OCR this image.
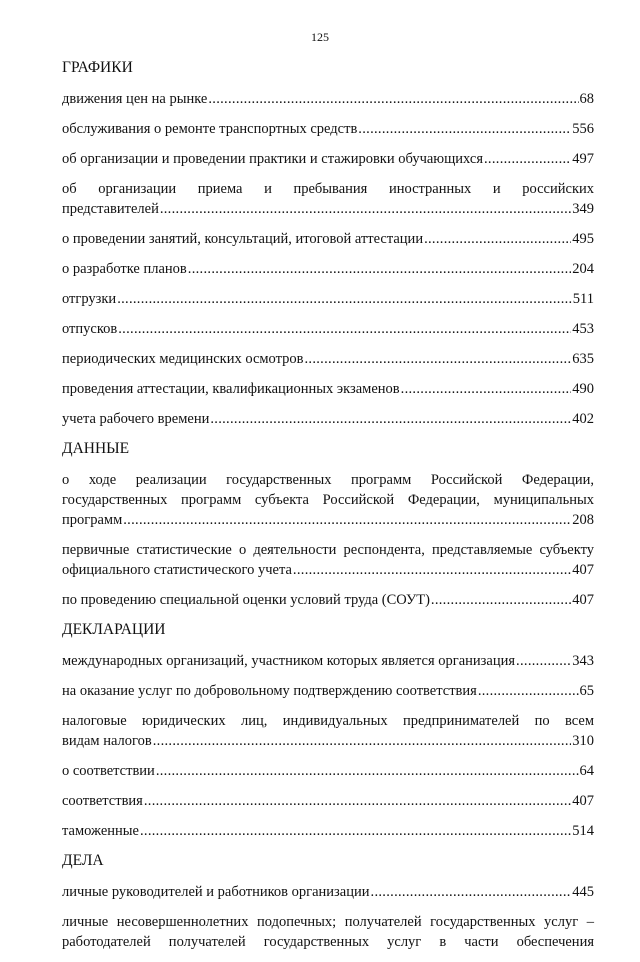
125
ГРАФИКИ
движения цен на рынке .....	68
обслуживания о ремонте транспортных средств .....	556
об организации и проведении практики и стажировки обучающихся .....	497
об организации приема и пребывания иностранных и российских
представителей .....	349
о проведении занятий, консультаций, итоговой аттестации .....	495
о разработке планов .....	204
отгрузки .....	511
отпусков .....	453
периодических медицинских осмотров .....	635
проведения аттестации, квалификационных экзаменов .....	490
учета рабочего времени .....	402
ДАННЫЕ
о ходе реализации государственных программ Российской Федерации,
государственных программ субъекта Российской Федерации, муниципальных
программ .....	208
первичные статистические о деятельности респондента, представляемые субъекту
официального статистического учета .....	407
по проведению специальной оценки условий труда (СОУТ) .....	407
ДЕКЛАРАЦИИ
международных организаций, участником которых является организация .....	343
на оказание услуг по добровольному подтверждению соответствия .....	65
налоговые юридических лиц, индивидуальных предпринимателей по всем
видам налогов .....	310
о соответствии .....	64
соответствия .....	407
таможенные .....	514
ДЕЛА
личные руководителей и работников организации .....	445
личные несовершеннолетних подопечных; получателей государственных услуг –
работодателей получателей государственных услуг в части обеспечения
